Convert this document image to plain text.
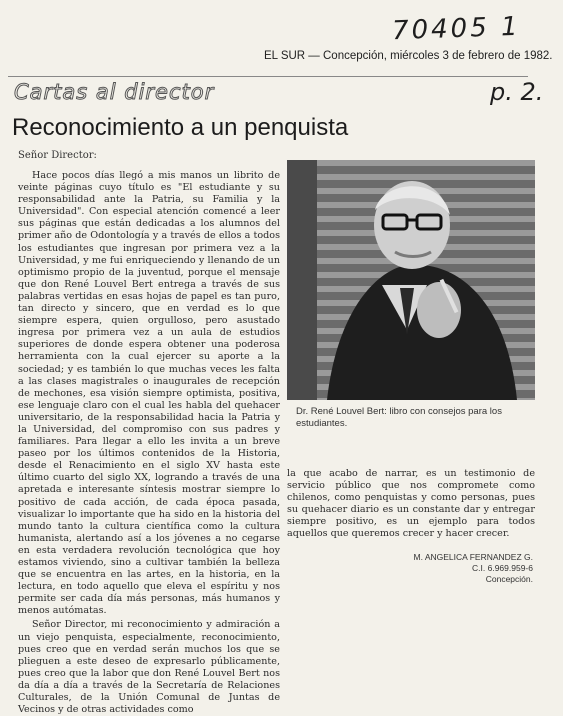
70405 1
EL SUR — Concepción, miércoles 3 de febrero de 1982.
Cartas al director	p. 2.
Reconocimiento a un penquista
Señor Director:

Hace pocos días llegó a mis manos un librito de veinte páginas cuyo título es "El estudiante y su responsabilidad ante la Patria, su Familia y la Universidad". Con especial atención comencé a leer sus páginas que están dedicadas a los alumnos del primer año de Odontología y a través de ellos a todos los estudiantes que ingresan por primera vez a la Universidad, y me fui enriqueciendo y llenando de un optimismo propio de la juventud, porque el mensaje que don René Louvel Bert entrega a través de sus palabras vertidas en esas hojas de papel es tan puro, tan directo y sincero, que en verdad es lo que siempre espera, quien orgulloso, pero asustado ingresa por primera vez a un aula de estudios superiores de donde espera obtener una poderosa herramienta con la cual ejercer su aporte a la sociedad; y es también lo que muchas veces les falta a las clases magistrales o inaugurales de recepción de mechones, esa visión siempre optimista, positiva, ese lenguaje claro con el cual les habla del quehacer universitario, de la responsabilidad hacia la Patria y la Universidad, del compromiso con sus padres y familiares. Para llegar a ello les invita a un breve paseo por los últimos contenidos de la Historia, desde el Renacimiento en el siglo XV hasta este último cuarto del siglo XX, logrando a través de una apretada e interesante síntesis mostrar siempre lo positivo de cada acción, de cada época pasada, visualizar lo importante que ha sido en la historia del mundo tanto la cultura científica como la cultura humanista, alertando así a los jóvenes a no cegarse en esta verdadera revolución tecnológica que hoy estamos viviendo, sino a cultivar también la belleza que se encuentra en las artes, en la historia, en la lectura, en todo aquello que eleva el espíritu y nos permite ser cada día más personas, más humanos y menos autómatas.

Señor Director, mi reconocimiento y admiración a un viejo penquista, especialmente, reconocimiento, pues creo que en verdad serán muchos los que se plieguen a este deseo de expresarlo públicamente, pues creo que la labor que don René Louvel Bert nos da día a día a través de la Secretaría de Relaciones Culturales, de la Unión Comunal de Juntas de Vecinos y de otras actividades como

Dr. René Louvel Bert: libro con consejos para los estudiantes.

la que acabo de narrar, es un testimonio de servicio público que nos compromete como chilenos, como penquistas y como personas, pues su quehacer diario es un constante dar y entregar siempre positivo, es un ejemplo para todos aquellos que queremos crecer y hacer crecer.

M. ANGELICA FERNANDEZ G.
C.I. 6.969.959-6
Concepción.
